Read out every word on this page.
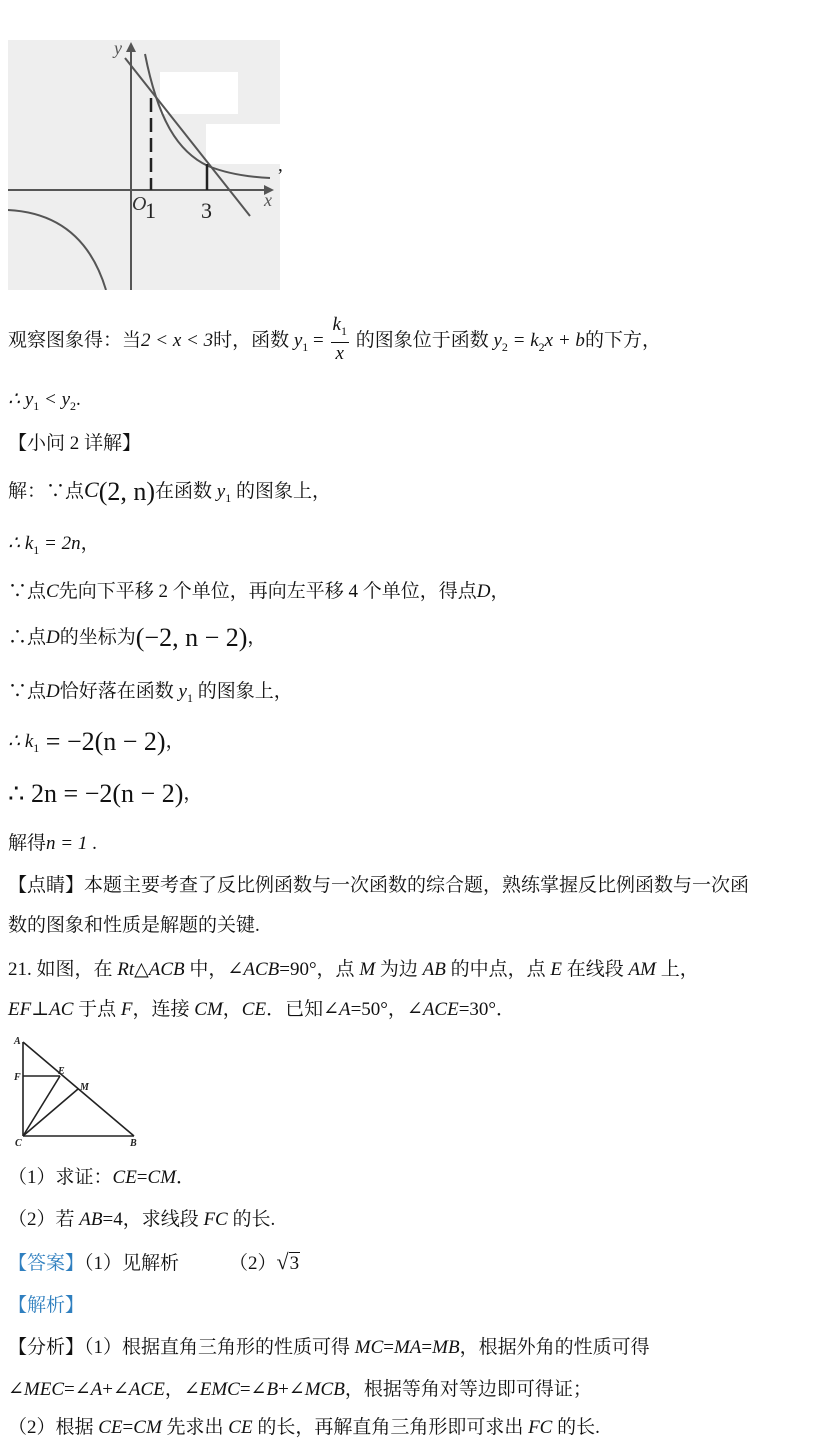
y
x
O
1 3
,
观察图象得：当2 < x < 3时，函数 $y_1 = \frac{k_1}{x}$ 的图象位于函数 $y_2 = k_2x + b$的下方，
∴ $y_1 < y_2$.
【小问 2 详解】
解：∵点C(2, n)在函数 $y_1$ 的图象上，
∴ $k_1 = 2n$，
∵点C先向下平移 2 个单位，再向左平移 4 个单位，得点D，
∴点D的坐标为(−2, n − 2)，
∵点D恰好落在函数 $y_1$ 的图象上，
∴ $k_1 = -2(n - 2)$，
∴ 2n = −2(n − 2)，
解得n = 1 .
【点睛】本题主要考查了反比例函数与一次函数的综合题，熟练掌握反比例函数与一次函
数的图象和性质是解题的关键.
21. 如图，在 Rt△ACB 中，∠ACB=90°，点 M 为边 AB 的中点，点 E 在线段 AM 上，
EF⊥AC 于点 F，连接 CM，CE．已知∠A=50°，∠ACE=30°．
A
E
F
M
C	B
（1）求证：CE=CM．
（2）若 AB=4，求线段 FC 的长.
【答案】（1）见解析	（2）√3
【解析】
【分析】（1）根据直角三角形的性质可得 MC=MA=MB，根据外角的性质可得
∠MEC=∠A+∠ACE，∠EMC=∠B+∠MCB，根据等角对等边即可得证；
（2）根据 CE=CM 先求出 CE 的长，再解直角三角形即可求出 FC 的长.
